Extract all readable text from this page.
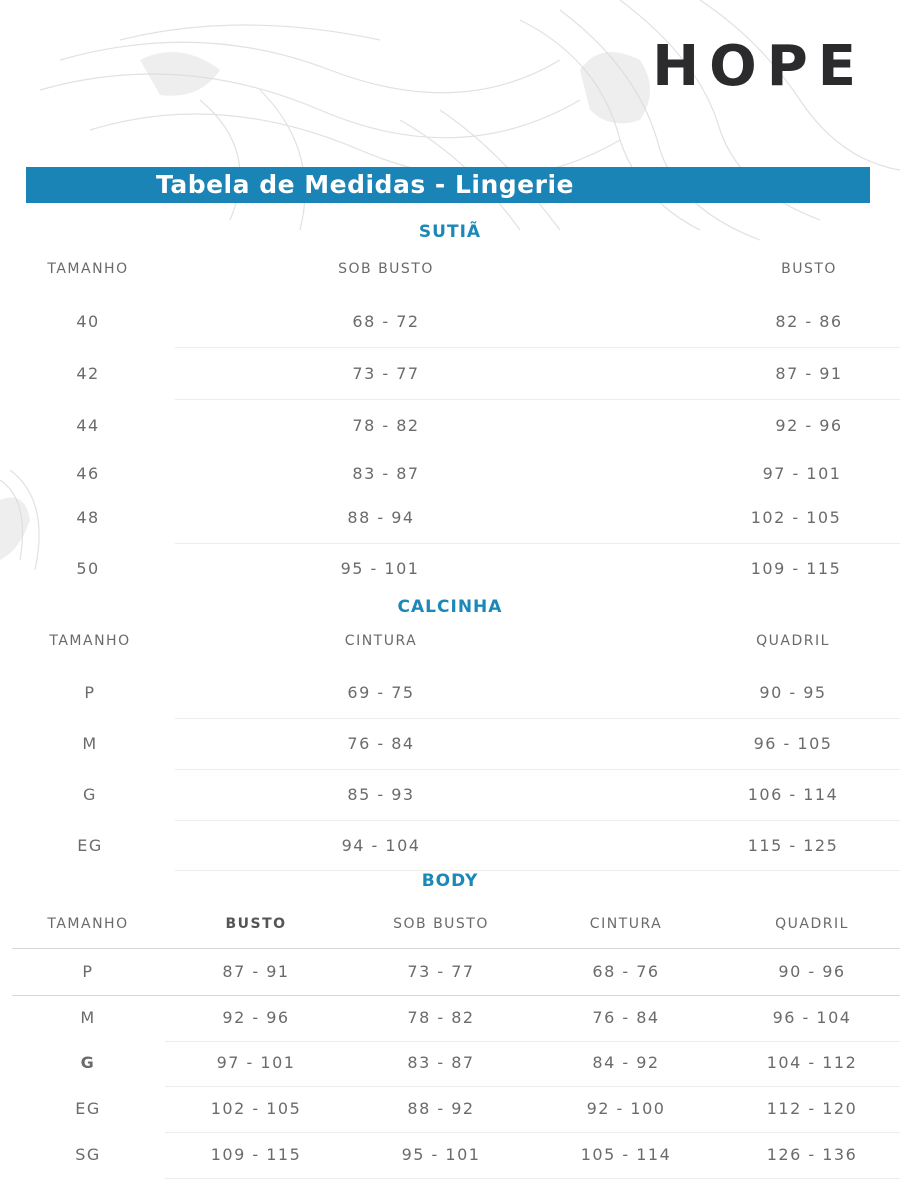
HOPE
Tabela de Medidas - Lingerie
SUTIÃ
TAMANHO	SOB BUSTO	BUSTO
40	68 - 72	82 - 86
42	73 - 77	87 - 91
44	78 - 82	92 - 96
46	83 - 87	97 - 101
48	88 - 94	102 - 105
50	95 - 101	109 - 115
CALCINHA
TAMANHO	CINTURA	QUADRIL
P	69 - 75	90 - 95
M	76 - 84	96 - 105
G	85 - 93	106 - 114
EG	94 - 104	115 - 125
BODY
TAMANHO	BUSTO	SOB BUSTO	CINTURA	QUADRIL
P	87 - 91	73 - 77	68 - 76	90 - 96
M	92 - 96	78 - 82	76 - 84	96 - 104
G	97 - 101	83 - 87	84 - 92	104 - 112
EG	102 - 105	88 - 92	92 - 100	112 - 120
SG	109 - 115	95 - 101	105 - 114	126 - 136
